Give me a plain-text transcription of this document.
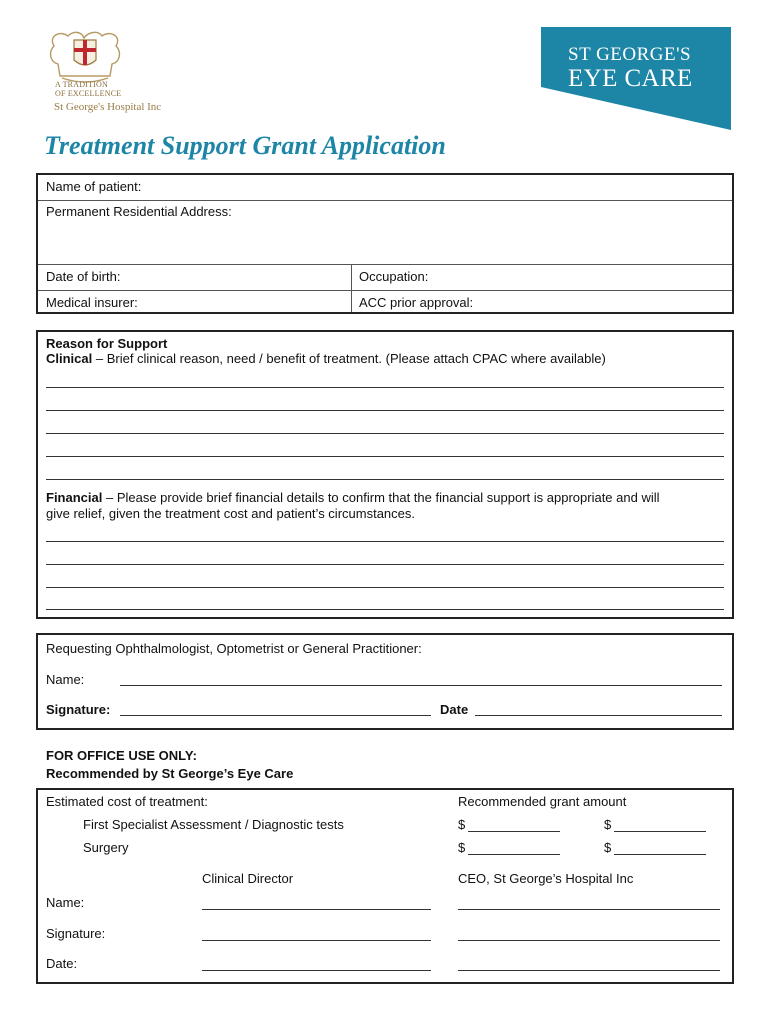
A TRADITION
OF EXCELLENCE
St George's Hospital Inc
ST GEORGE'S
EYE CARE
Treatment Support Grant Application
Name of patient:
Permanent Residential Address:
Date of birth:	Occupation:
Medical insurer:	ACC prior approval:
Reason for Support
Clinical – Brief clinical reason, need / benefit of treatment. (Please attach CPAC where available)
Financial – Please provide brief financial details to confirm that the financial support is appropriate and will
give relief, given the treatment cost and patient’s circumstances.
Requesting Ophthalmologist, Optometrist or General Practitioner:
Name:
Signature:	Date
FOR OFFICE USE ONLY:
Recommended by St George’s Eye Care
Estimated cost of treatment:	Recommended grant amount
First Specialist Assessment / Diagnostic tests	$	$
Surgery	$	$
Clinical Director	CEO, St George’s Hospital Inc
Name:
Signature:
Date:
